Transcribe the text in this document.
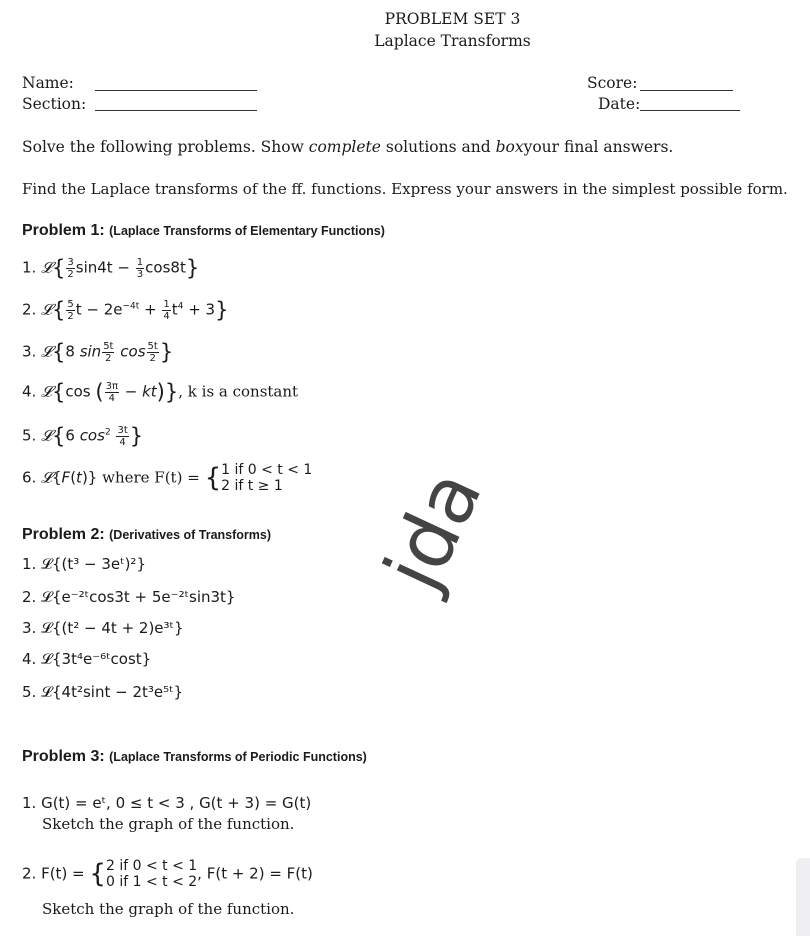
PROBLEM SET 3
Laplace Transforms
Name:
Section:
Score:
Date:
Solve the following problems. Show complete solutions and boxyour final answers.
Find the Laplace transforms of the ff. functions. Express your answers in the simplest possible form.
Problem 1: (Laplace Transforms of Elementary Functions)
1. 𝓛{ $\frac{3}{2} \sin 4t - \frac{1}{3} \cos 8t$}
2. 𝓛{ $\frac{5}{2}$ $t - 2e^{-4t} + \frac{1}{4} t^4 + 3$}
3. 𝓛{8 $\sin \frac{5t}{2}$ $\cos \frac{5t}{2}$ }
4. 𝓛{cos ( $\frac{3\pi}{4} - kt$)}, k is a constant
5. 𝓛{6 $\cos^2 \frac{3t}{4}$ }
6. 𝓛{F(t)} where F(t) = { 1 if 0 < t < 1
2 if t ≥ 1
Problem 2: (Derivatives of Transforms)
1. 𝓛{(t³ − 3eᵗ)²}
2. 𝓛{e⁻²ᵗcos3t + 5e⁻²ᵗsin3t}
3. 𝓛{(t² − 4t + 2)e³ᵗ}
4. 𝓛{3t⁴e⁻⁶ᵗcost}
5. 𝓛{4t²sint − 2t³e⁵ᵗ}
Problem 3: (Laplace Transforms of Periodic Functions)
1. G(t) = eᵗ, 0 ≤ t < 3 , G(t + 3) = G(t)
Sketch the graph of the function.
2. F(t) = { 2 if 0 < t < 1
0 if 1 < t < 2 , F(t + 2) = F(t)
Sketch the graph of the function.
jda
